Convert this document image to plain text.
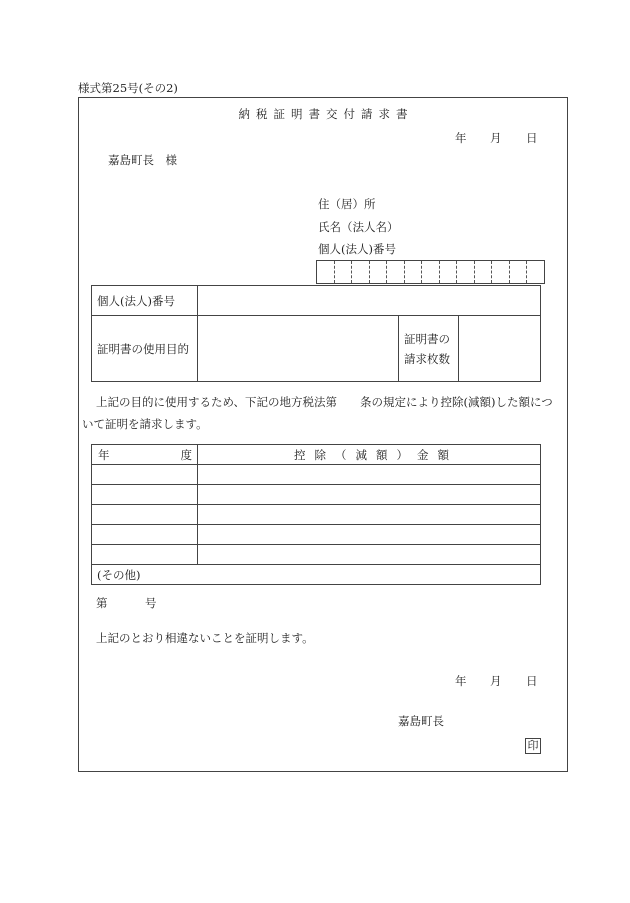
様式第25号(その2)
納税証明書交付請求書
年 月 日
嘉島町長　様
住（居）所
氏名（法人名）
個人(法人)番号
個人(法人)番号			
証明書の使用目的		証明書の
請求枚数	

上記の目的に使用するため、下記の地方税法第　　条の規定により控除(減額)した額につ
いて証明を請求します。
年度	控除（減額）金額

(その他)	
第	号
上記のとおり相違ないことを証明します。
年 月 日
嘉島町長
印
